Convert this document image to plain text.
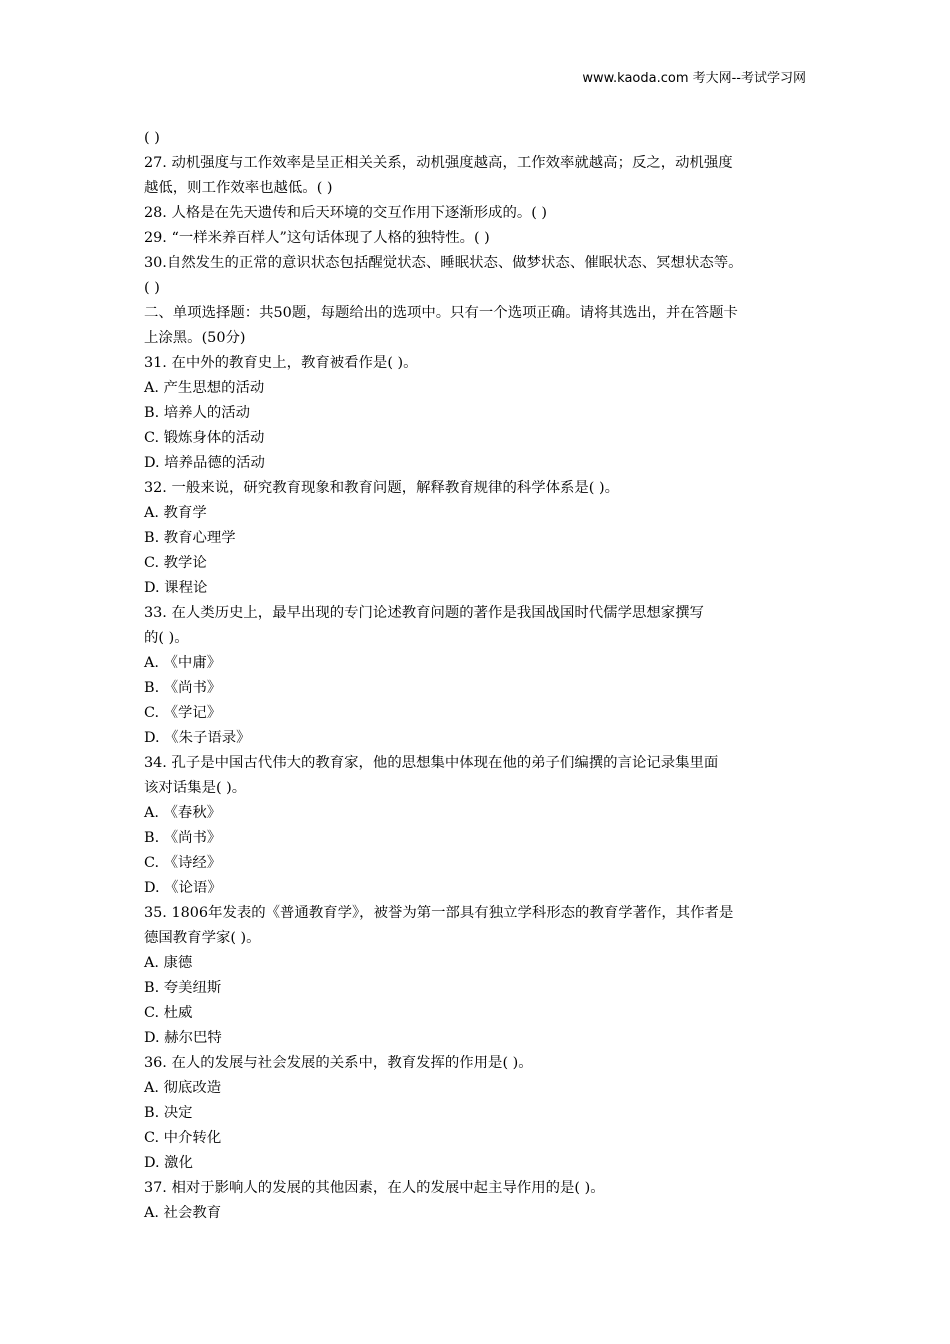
www.kaoda.com 考大网--考试学习网
( )
27. 动机强度与工作效率是呈正相关关系，动机强度越高，工作效率就越高；反之，动机强度
越低，则工作效率也越低。( )
28. 人格是在先天遗传和后天环境的交互作用下逐渐形成的。( )
29. “一样米养百样人”这句话体现了人格的独特性。( )
30.自然发生的正常的意识状态包括醒觉状态、睡眠状态、做梦状态、催眠状态、冥想状态等。
( )
二、单项选择题：共50题，每题给出的选项中。只有一个选项正确。请将其选出，并在答题卡
上涂黑。(50分)
31. 在中外的教育史上，教育被看作是( )。
A. 产生思想的活动
B. 培养人的活动
C. 锻炼身体的活动
D. 培养品德的活动
32. 一般来说，研究教育现象和教育问题，解释教育规律的科学体系是( )。
A. 教育学
B. 教育心理学
C. 教学论
D. 课程论
33. 在人类历史上，最早出现的专门论述教育问题的著作是我国战国时代儒学思想家撰写
的( )。
A. 《中庸》
B. 《尚书》
C. 《学记》
D. 《朱子语录》
34. 孔子是中国古代伟大的教育家，他的思想集中体现在他的弟子们编撰的言论记录集里面
该对话集是( )。
A. 《春秋》
B. 《尚书》
C. 《诗经》
D. 《论语》
35. 1806年发表的《普通教育学》，被誉为第一部具有独立学科形态的教育学著作，其作者是
德国教育学家( )。
A. 康德
B. 夸美纽斯
C. 杜威
D. 赫尔巴特
36. 在人的发展与社会发展的关系中，教育发挥的作用是( )。
A. 彻底改造
B. 决定
C. 中介转化
D. 激化
37. 相对于影响人的发展的其他因素，在人的发展中起主导作用的是( )。
A. 社会教育
